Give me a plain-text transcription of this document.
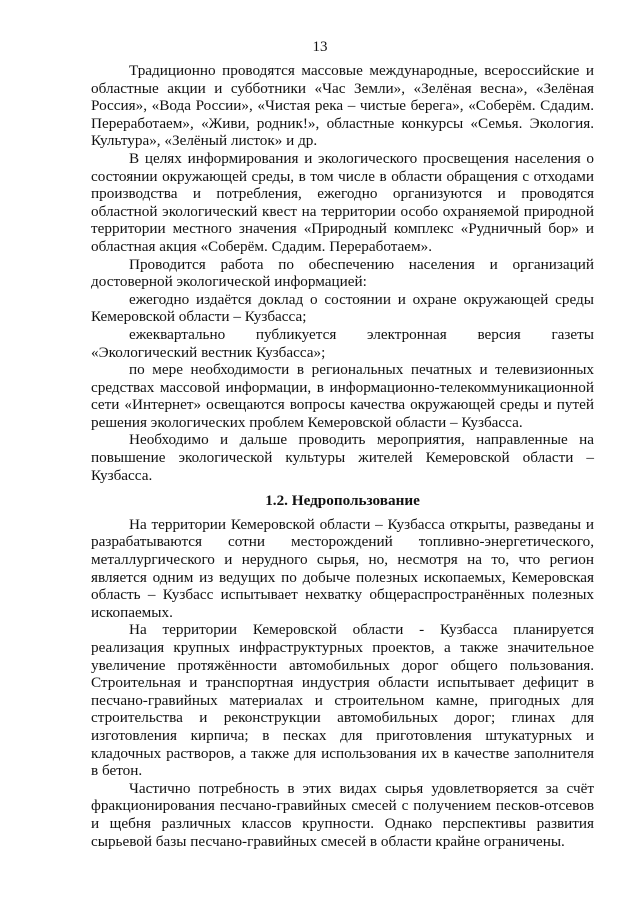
13

Традиционно проводятся массовые международные, всероссийские и областные акции и субботники «Час Земли», «Зелёная весна», «Зелёная Россия», «Вода России», «Чистая река – чистые берега», «Соберём. Сдадим. Переработаем», «Живи, родник!», областные конкурсы «Семья. Экология. Культура», «Зелёный листок» и др.

В целях информирования и экологического просвещения населения о состоянии окружающей среды, в том числе в области обращения с отходами производства и потребления, ежегодно организуются и проводятся областной экологический квест на территории особо охраняемой природной территории местного значения «Природный комплекс «Рудничный бор» и областная акция «Соберём. Сдадим. Переработаем».

Проводится работа по обеспечению населения и организаций достоверной экологической информацией:

ежегодно издаётся доклад о состоянии и охране окружающей среды Кемеровской области – Кузбасса;

ежеквартально публикуется электронная версия газеты «Экологический вестник Кузбасса»;

по мере необходимости в региональных печатных и телевизионных средствах массовой информации, в информационно-телекоммуникационной сети «Интернет» освещаются вопросы качества окружающей среды и путей решения экологических проблем Кемеровской области – Кузбасса.

Необходимо и дальше проводить мероприятия, направленные на повышение экологической культуры жителей Кемеровской области – Кузбасса.

1.2. Недропользование

На территории Кемеровской области – Кузбасса открыты, разведаны и разрабатываются сотни месторождений топливно-энергетического, металлургического и нерудного сырья, но, несмотря на то, что регион является одним из ведущих по добыче полезных ископаемых, Кемеровская область – Кузбасс испытывает нехватку общераспространённых полезных ископаемых.

На территории Кемеровской области - Кузбасса планируется реализация крупных инфраструктурных проектов, а также значительное увеличение протяжённости автомобильных дорог общего пользования. Строительная и транспортная индустрия области испытывает дефицит в песчано-гравийных материалах и строительном камне, пригодных для строительства и реконструкции автомобильных дорог; глинах для изготовления кирпича; в песках для приготовления штукатурных и кладочных растворов, а также для использования их в качестве заполнителя в бетон.

Частично потребность в этих видах сырья удовлетворяется за счёт фракционирования песчано-гравийных смесей с получением песков-отсевов и щебня различных классов крупности. Однако перспективы развития сырьевой базы песчано-гравийных смесей в области крайне ограничены.
